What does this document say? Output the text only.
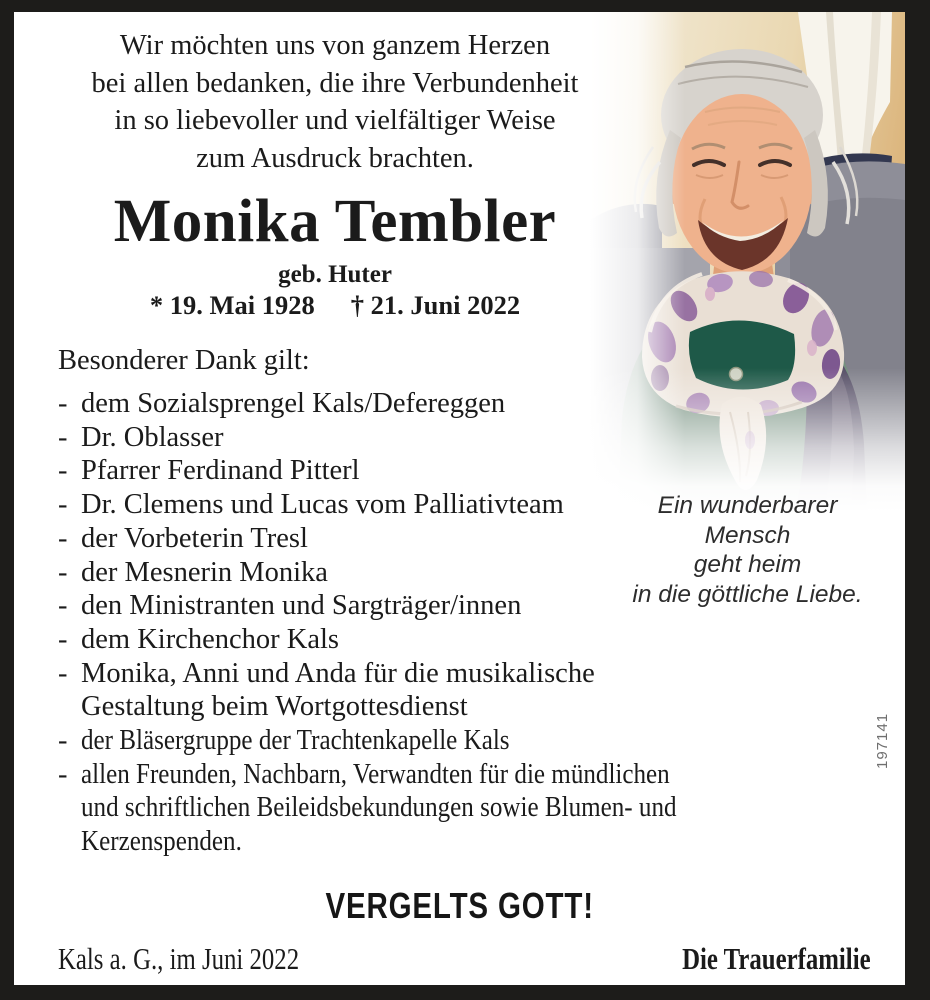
Wir möchten uns von ganzem Herzen
bei allen bedanken, die ihre Verbundenheit
in so liebevoller und vielfältiger Weise
zum Ausdruck brachten.
Monika Tembler
geb. Huter
* 19. Mai 1928 † 21. Juni 2022
Besonderer Dank gilt:
- dem Sozialsprengel Kals/Defereggen
- Dr. Oblasser
- Pfarrer Ferdinand Pitterl
- Dr. Clemens und Lucas vom Palliativteam
- der Vorbeterin Tresl
- der Mesnerin Monika
- den Ministranten und Sargträger/innen
- dem Kirchenchor Kals
- Monika, Anni und Anda für die musikalische
Gestaltung beim Wortgottesdienst
- der Bläsergruppe der Trachtenkapelle Kals
- allen Freunden, Nachbarn, Verwandten für die mündlichen
und schriftlichen Beileidsbekundungen sowie Blumen- und
Kerzenspenden.
Ein wunderbarer
Mensch
geht heim
in die göttliche Liebe.
VERGELTS GOTT!
Kals a. G., im Juni 2022	Die Trauerfamilie
197141
